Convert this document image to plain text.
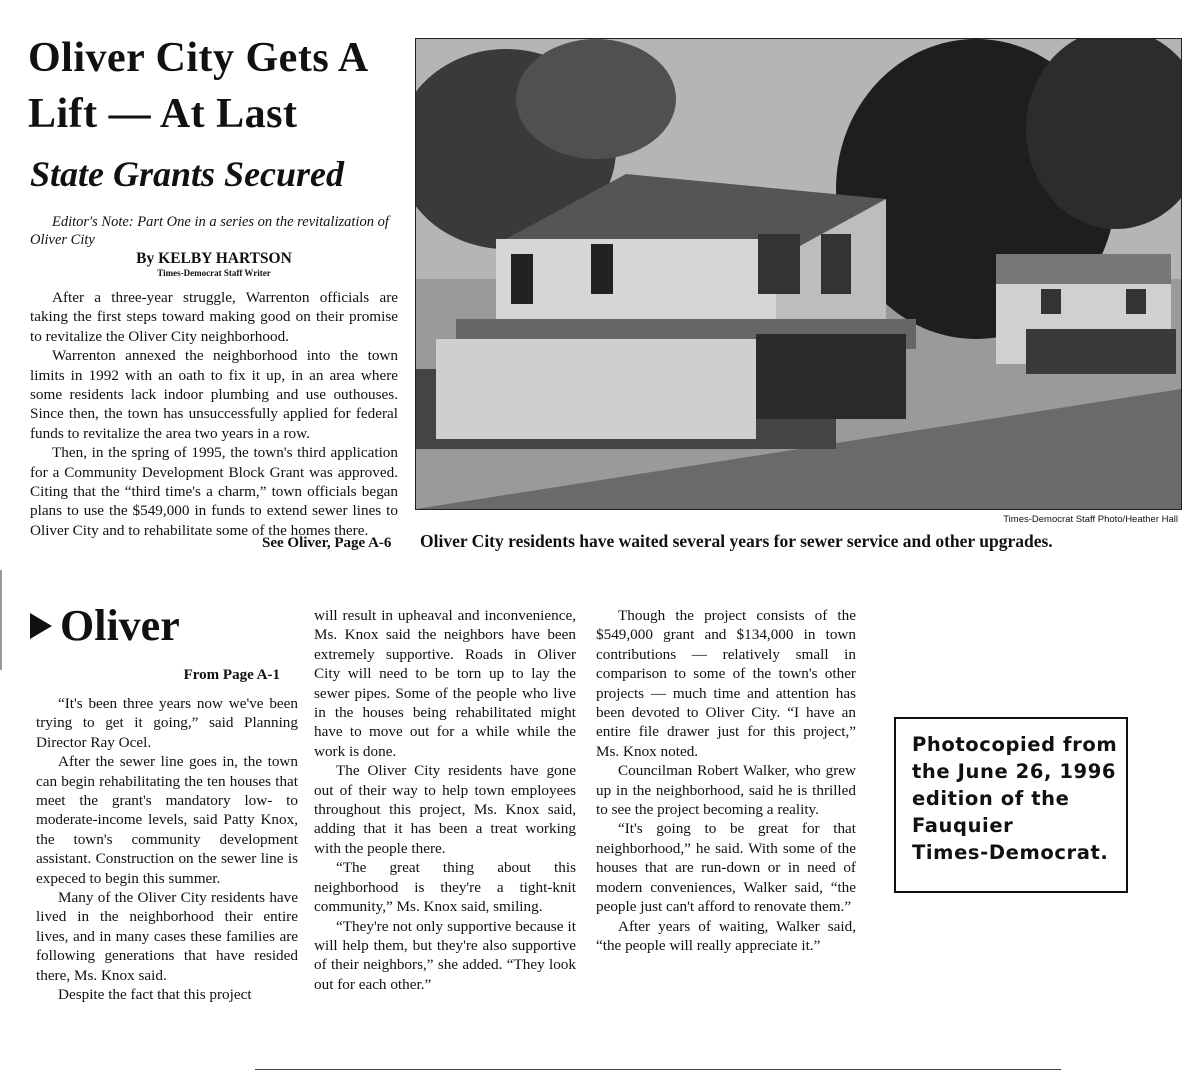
Oliver City Gets A Lift — At Last
State Grants Secured
Editor's Note: Part One in a series on the revitalization of Oliver City
By KELBY HARTSON
Times-Democrat Staff Writer

After a three-year struggle, Warrenton officials are taking the first steps toward making good on their promise to revitalize the Oliver City neighborhood.

Warrenton annexed the neighborhood into the town limits in 1992 with an oath to fix it up, in an area where some residents lack indoor plumbing and use outhouses. Since then, the town has unsuccessfully applied for federal funds to revitalize the area two years in a row.

Then, in the spring of 1995, the town's third application for a Community Development Block Grant was approved. Citing that the “third time's a charm,” town officials began plans to use the $549,000 in funds to extend sewer lines to Oliver City and to rehabilitate some of the homes there.

See Oliver, Page A-6
Times-Democrat Staff Photo/Heather Hall
Oliver City residents have waited several years for sewer service and other upgrades.
Oliver
From Page A-1

“It's been three years now we've been trying to get it going,” said Planning Director Ray Ocel.

After the sewer line goes in, the town can begin rehabilitating the ten houses that meet the grant's mandatory low- to moderate-income levels, said Patty Knox, the town's community development assistant. Construction on the sewer line is expeced to begin this summer.

Many of the Oliver City residents have lived in the neighborhood their entire lives, and in many cases these families are following generations that have resided there, Ms. Knox said.

Despite the fact that this project

will result in upheaval and inconvenience, Ms. Knox said the neighbors have been extremely supportive. Roads in Oliver City will need to be torn up to lay the sewer pipes. Some of the people who live in the houses being rehabilitated might have to move out for a while while the work is done.

The Oliver City residents have gone out of their way to help town employees throughout this project, Ms. Knox said, adding that it has been a treat working with the people there.

“The great thing about this neighborhood is they're a tight-knit community,” Ms. Knox said, smiling.

“They're not only supportive because it will help them, but they're also supportive of their neighbors,” she added. “They look out for each other.”

Though the project consists of the $549,000 grant and $134,000 in town contributions — relatively small in comparison to some of the town's other projects — much time and attention has been devoted to Oliver City. “I have an entire file drawer just for this project,” Ms. Knox noted.

Councilman Robert Walker, who grew up in the neighborhood, said he is thrilled to see the project becoming a reality.

“It's going to be great for that neighborhood,” he said. With some of the houses that are run-down or in need of modern conveniences, Walker said, “the people just can't afford to renovate them.”

After years of waiting, Walker said, “the people will really appreciate it.”

Photocopied from
the June 26, 1996
edition of the
Fauquier
Times-Democrat.
